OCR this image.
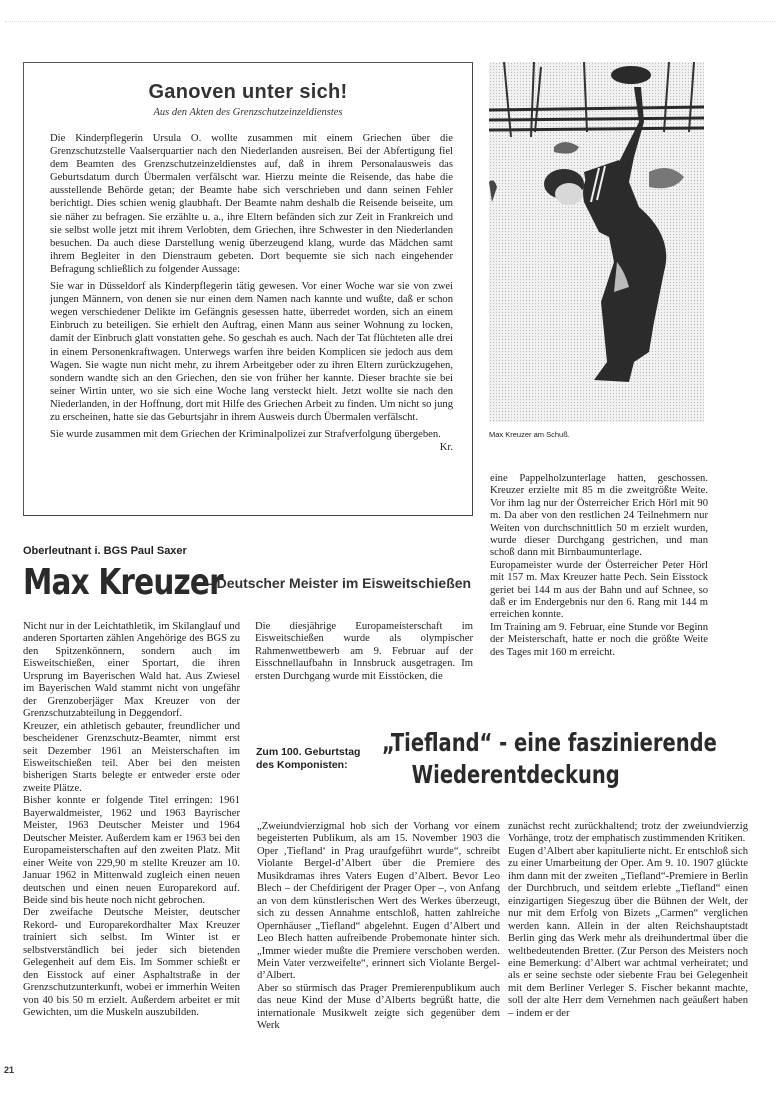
Ganoven unter sich!
Aus den Akten des Grenzschutzeinzeldienstes

Die Kinderpflegerin Ursula O. wollte zusammen mit einem Griechen über die Grenzschutzstelle Vaalserquartier nach den Niederlanden ausreisen. Bei der Abfertigung fiel dem Beamten des Grenzschutzeinzeldienstes auf, daß in ihrem Personalausweis das Geburtsdatum durch Übermalen verfälscht war. Hierzu meinte die Reisende, das habe die ausstellende Behörde getan; der Beamte habe sich verschrieben und dann seinen Fehler berichtigt. Dies schien wenig glaubhaft. Der Beamte nahm deshalb die Reisende beiseite, um sie näher zu befragen. Sie erzählte u. a., ihre Eltern befänden sich zur Zeit in Frankreich und sie selbst wolle jetzt mit ihrem Verlobten, dem Griechen, ihre Schwester in den Niederlanden besuchen. Da auch diese Darstellung wenig überzeugend klang, wurde das Mädchen samt ihrem Begleiter in den Dienstraum gebeten. Dort bequemte sie sich nach eingehender Befragung schließlich zu folgender Aussage:

Sie war in Düsseldorf als Kinderpflegerin tätig gewesen. Vor einer Woche war sie von zwei jungen Männern, von denen sie nur einen dem Namen nach kannte und wußte, daß er schon wegen verschiedener Delikte im Gefängnis gesessen hatte, überredet worden, sich an einem Einbruch zu beteiligen. Sie erhielt den Auftrag, einen Mann aus seiner Wohnung zu locken, damit der Einbruch glatt vonstatten gehe. So geschah es auch. Nach der Tat flüchteten alle drei in einem Personenkraftwagen. Unterwegs warfen ihre beiden Komplicen sie jedoch aus dem Wagen. Sie wagte nun nicht mehr, zu ihrem Arbeitgeber oder zu ihren Eltern zurückzugehen, sondern wandte sich an den Griechen, den sie von früher her kannte. Dieser brachte sie bei seiner Wirtin unter, wo sie sich eine Woche lang versteckt hielt. Jetzt wollte sie nach den Niederlanden, in der Hoffnung, dort mit Hilfe des Griechen Arbeit zu finden. Um nicht so jung zu erscheinen, hatte sie das Geburtsjahr in ihrem Ausweis durch Übermalen verfälscht.

Sie wurde zusammen mit dem Griechen der Kriminalpolizei zur Strafverfolgung übergeben.
Kr.

Max Kreuzer am Schuß.

eine Pappelholzunterlage hatten, geschossen. Kreuzer erzielte mit 85 m die zweitgrößte Weite. Vor ihm lag nur der Österreicher Erich Hörl mit 90 m. Da aber von den restlichen 24 Teilnehmern nur Weiten von durchschnittlich 50 m erzielt wurden, wurde dieser Durchgang gestrichen, und man schoß dann mit Birnbaumunterlage.

Europameister wurde der Österreicher Peter Hörl mit 157 m. Max Kreuzer hatte Pech. Sein Eisstock geriet bei 144 m aus der Bahn und auf Schnee, so daß er im Endergebnis nur den 6. Rang mit 144 m erreichen konnte.

Im Training am 9. Februar, eine Stunde vor Beginn der Meisterschaft, hatte er noch die größte Weite des Tages mit 160 m erreicht.

Oberleutnant i. BGS Paul Saxer
Max Kreuzer – Deutscher Meister im Eisweitschießen

Nicht nur in der Leichtathletik, im Skilanglauf und anderen Sportarten zählen Angehörige des BGS zu den Spitzenkönnern, sondern auch im Eisweitschießen, einer Sportart, die ihren Ursprung im Bayerischen Wald hat. Aus Zwiesel im Bayerischen Wald stammt nicht von ungefähr der Grenzoberjäger Max Kreuzer von der Grenzschutzabteilung in Deggendorf.

Kreuzer, ein athletisch gebauter, freundlicher und bescheidener Grenzschutz-Beamter, nimmt erst seit Dezember 1961 an Meisterschaften im Eisweitschießen teil. Aber bei den meisten bisherigen Starts belegte er entweder erste oder zweite Plätze.

Bisher konnte er folgende Titel erringen: 1961 Bayerwaldmeister, 1962 und 1963 Bayrischer Meister, 1963 Deutscher Meister und 1964 Deutscher Meister. Außerdem kam er 1963 bei den Europameisterschaften auf den zweiten Platz. Mit einer Weite von 229,90 m stellte Kreuzer am 10. Januar 1962 in Mittenwald zugleich einen neuen deutschen und einen neuen Europarekord auf. Beide sind bis heute noch nicht gebrochen.

Der zweifache Deutsche Meister, deutscher Rekord- und Europarekordhalter Max Kreuzer trainiert sich selbst. Im Winter ist er selbstverständlich bei jeder sich bietenden Gelegenheit auf dem Eis. Im Sommer schießt er den Eisstock auf einer Asphaltstraße in der Grenzschutzunterkunft, wobei er immerhin Weiten von 40 bis 50 m erzielt. Außerdem arbeitet er mit Gewichten, um die Muskeln auszubilden.

Die diesjährige Europameisterschaft im Eisweitschießen wurde als olympischer Rahmenwettbewerb am 9. Februar auf der Eisschnellaufbahn in Innsbruck ausgetragen. Im ersten Durchgang wurde mit Eisstöcken, die

Zum 100. Geburtstag
des Komponisten:
„Tiefland“ - eine faszinierende
Wiederentdeckung

„Zweiundvierzigmal hob sich der Vorhang vor einem begeisterten Publikum, als am 15. November 1903 die Oper ‚Tiefland‘ in Prag uraufgeführt wurde“, schreibt Violante Bergel-d’Albert über die Premiere des Musikdramas ihres Vaters Eugen d’Albert. Bevor Leo Blech – der Chefdirigent der Prager Oper –, von Anfang an von dem künstlerischen Wert des Werkes überzeugt, sich zu dessen Annahme entschloß, hatten zahlreiche Opernhäuser „Tiefland“ abgelehnt. Eugen d’Albert und Leo Blech hatten aufreibende Probemonate hinter sich. „Immer wieder mußte die Premiere verschoben werden. Mein Vater verzweifelte“, erinnert sich Violante Bergel-d’Albert.

Aber so stürmisch das Prager Premierenpublikum auch das neue Kind der Muse d’Alberts begrüßt hatte, die internationale Musikwelt zeigte sich gegenüber dem Werk

zunächst recht zurückhaltend; trotz der zweiundvierzig Vorhänge, trotz der emphatisch zustimmenden Kritiken.

Eugen d’Albert aber kapitulierte nicht. Er entschloß sich zu einer Umarbeitung der Oper. Am 9. 10. 1907 glückte ihm dann mit der zweiten „Tiefland“-Premiere in Berlin der Durchbruch, und seitdem erlebte „Tiefland“ einen einzigartigen Siegeszug über die Bühnen der Welt, der nur mit dem Erfolg von Bizets „Carmen“ verglichen werden kann. Allein in der alten Reichshauptstadt Berlin ging das Werk mehr als dreihundertmal über die weltbedeutenden Bretter. (Zur Person des Meisters noch eine Bemerkung: d’Albert war achtmal verheiratet; und als er seine sechste oder siebente Frau bei Gelegenheit mit dem Berliner Verleger S. Fischer bekannt machte, soll der alte Herr dem Vernehmen nach geäußert haben – indem er der

21
